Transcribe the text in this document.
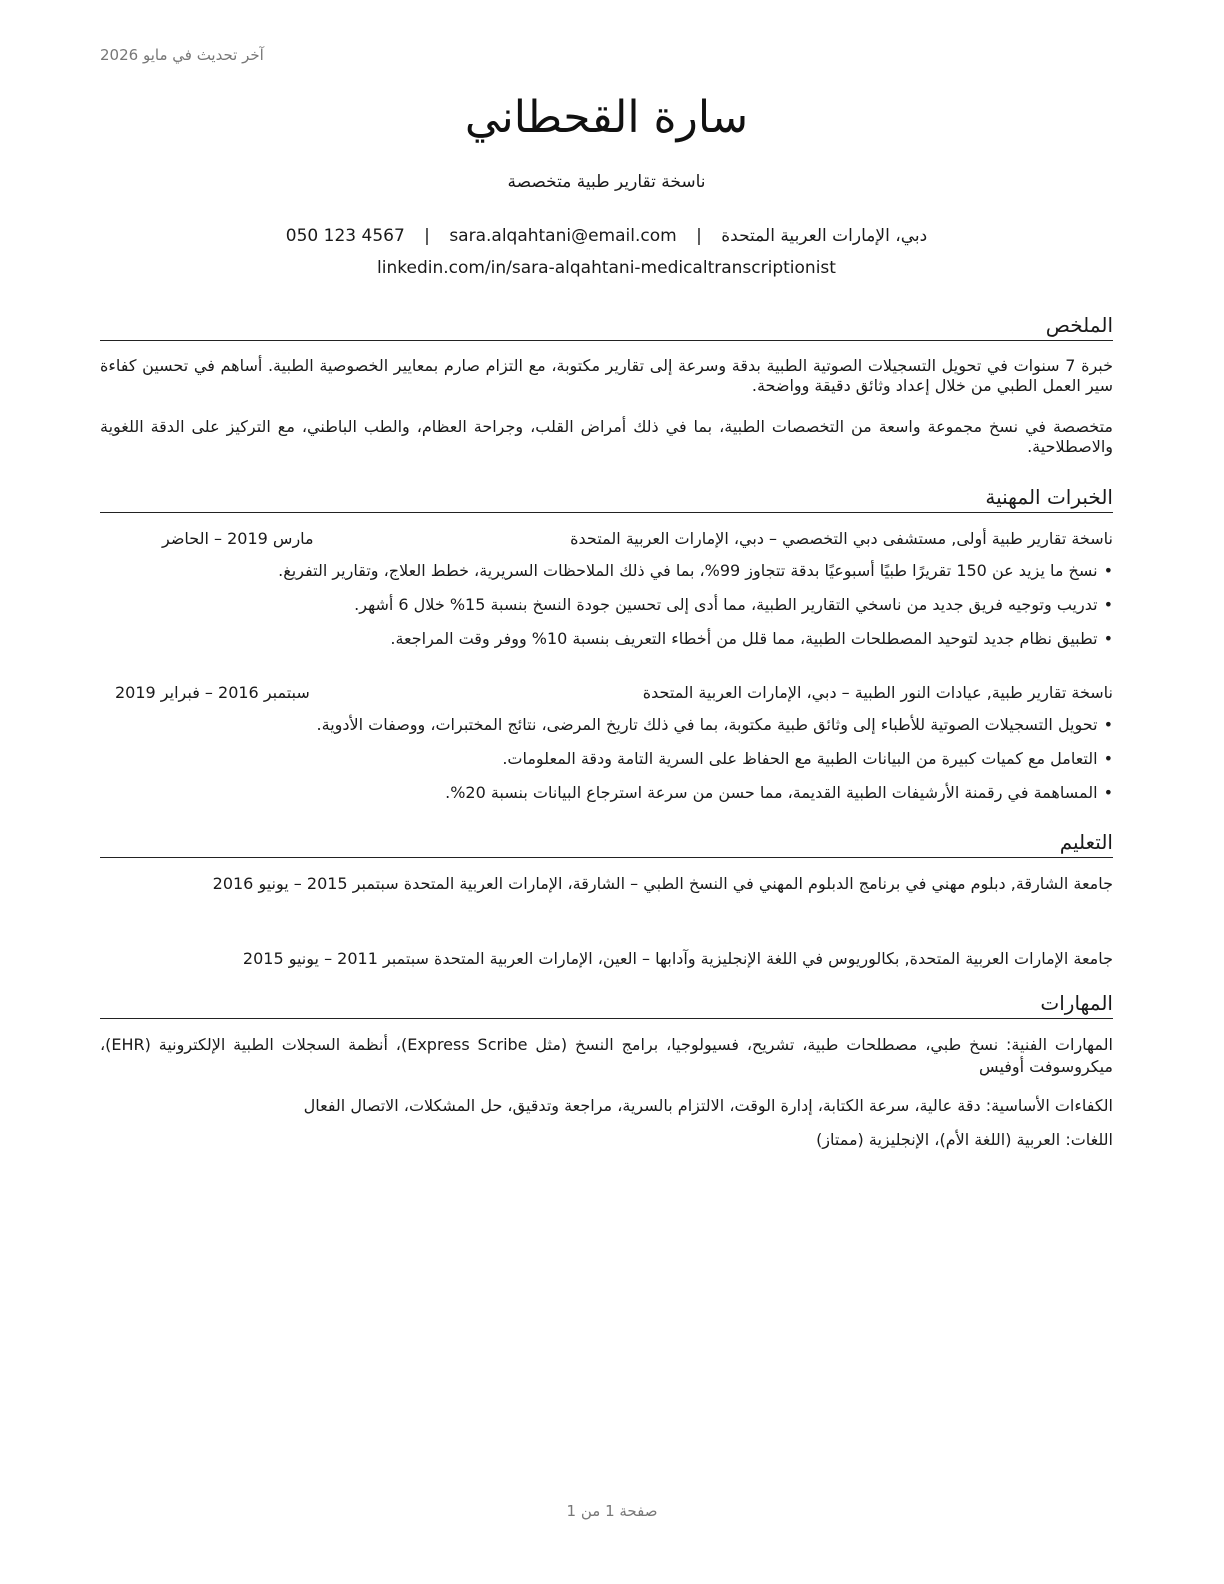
آخر تحديث في مايو 2026
سارة القحطاني
ناسخة تقارير طبية متخصصة
دبي، الإمارات العربية المتحدة | sara.alqahtani@email.com | 050 123 4567
linkedin.com/in/sara-alqahtani-medicaltranscriptionist
الملخص

خبرة 7 سنوات في تحويل التسجيلات الصوتية الطبية بدقة وسرعة إلى تقارير مكتوبة، مع التزام صارم بمعايير الخصوصية الطبية. أساهم في تحسين كفاءة سير العمل الطبي من خلال إعداد وثائق دقيقة وواضحة.

متخصصة في نسخ مجموعة واسعة من التخصصات الطبية، بما في ذلك أمراض القلب، وجراحة العظام، والطب الباطني، مع التركيز على الدقة اللغوية والاصطلاحية.

الخبرات المهنية
ناسخة تقارير طبية أولى, مستشفى دبي التخصصي – دبي، الإمارات العربية المتحدة
مارس 2019 – الحاضر
•نسخ ما يزيد عن 150 تقريرًا طبيًا أسبوعيًا بدقة تتجاوز 99%، بما في ذلك الملاحظات السريرية، خطط العلاج، وتقارير التفريغ.
•تدريب وتوجيه فريق جديد من ناسخي التقارير الطبية، مما أدى إلى تحسين جودة النسخ بنسبة 15% خلال 6 أشهر.
•تطبيق نظام جديد لتوحيد المصطلحات الطبية، مما قلل من أخطاء التعريف بنسبة 10% ووفر وقت المراجعة.
ناسخة تقارير طبية, عيادات النور الطبية – دبي، الإمارات العربية المتحدة
سبتمبر 2016 – فبراير 2019
•تحويل التسجيلات الصوتية للأطباء إلى وثائق طبية مكتوبة، بما في ذلك تاريخ المرضى، نتائج المختبرات، ووصفات الأدوية.
•التعامل مع كميات كبيرة من البيانات الطبية مع الحفاظ على السرية التامة ودقة المعلومات.
•المساهمة في رقمنة الأرشيفات الطبية القديمة، مما حسن من سرعة استرجاع البيانات بنسبة 20%.
التعليم
جامعة الشارقة, دبلوم مهني في برنامج الدبلوم المهني في النسخ الطبي – الشارقة، الإمارات العربية المتحدة سبتمبر 2015 – يونيو 2016
جامعة الإمارات العربية المتحدة, بكالوريوس في اللغة الإنجليزية وآدابها – العين، الإمارات العربية المتحدة سبتمبر 2011 – يونيو 2015
المهارات
المهارات الفنية: نسخ طبي، مصطلحات طبية، تشريح، فسيولوجيا، برامج النسخ (مثل Express Scribe)، أنظمة السجلات الطبية الإلكترونية (EHR)، ميكروسوفت أوفيس
الكفاءات الأساسية: دقة عالية، سرعة الكتابة، إدارة الوقت، الالتزام بالسرية، مراجعة وتدقيق، حل المشكلات، الاتصال الفعال
اللغات: العربية (اللغة الأم)، الإنجليزية (ممتاز)
صفحة 1 من 1
